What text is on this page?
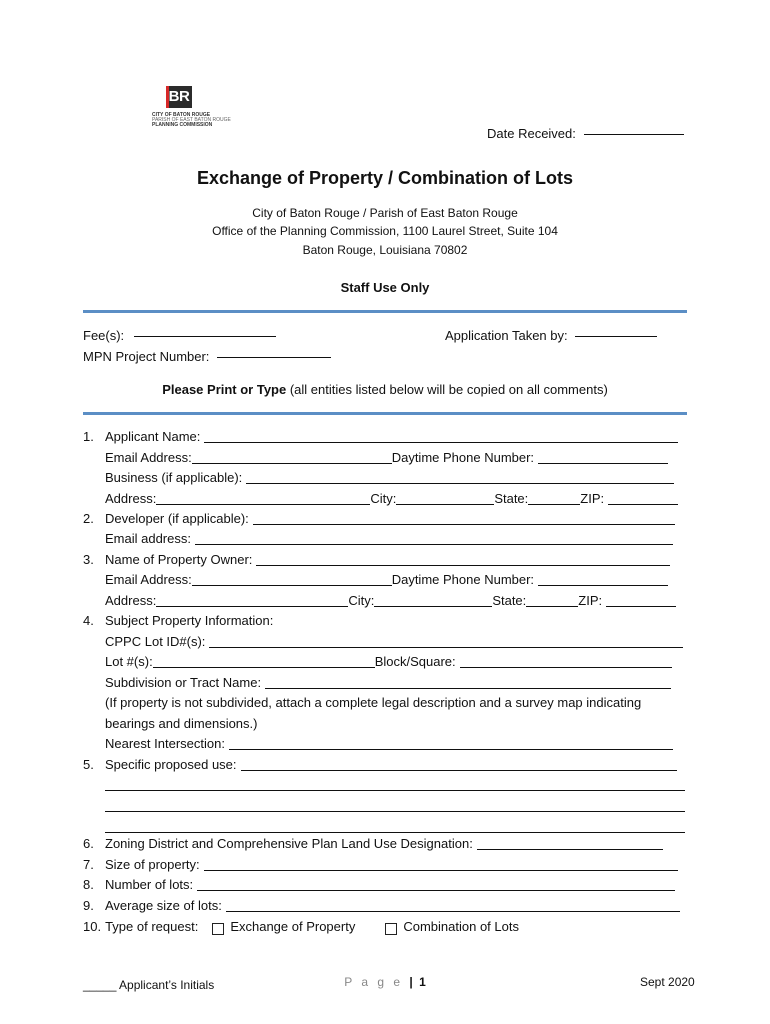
BR
CITY OF BATON ROUGE
PARISH OF EAST BATON ROUGE
PLANNING COMMISSION
Date Received:
Exchange of Property / Combination of Lots
City of Baton Rouge / Parish of East Baton Rouge
Office of the Planning Commission, 1100 Laurel Street, Suite 104
Baton Rouge, Louisiana 70802
Staff Use Only
Fee(s):	Application Taken by:
MPN Project Number:
Please Print or Type (all entities listed below will be copied on all comments)
1. Applicant Name:
Email Address:	Daytime Phone Number:
Business (if applicable):
Address:	City:	State:	ZIP:
2. Developer (if applicable):
Email address:
3. Name of Property Owner:
Email Address:	Daytime Phone Number:
Address:	City:	State:	ZIP:
4. Subject Property Information:
CPPC Lot ID#(s):
Lot #(s):	Block/Square:
Subdivision or Tract Name:
(If property is not subdivided, attach a complete legal description and a survey map indicating
bearings and dimensions.)
Nearest Intersection:
5. Specific proposed use:
6. Zoning District and Comprehensive Plan Land Use Designation:
7. Size of property:
8. Number of lots:
9. Average size of lots:
10. Type of request: Exchange of Property	Combination of Lots
_____ Applicant’s Initials	P a g e | 1	Sept 2020
